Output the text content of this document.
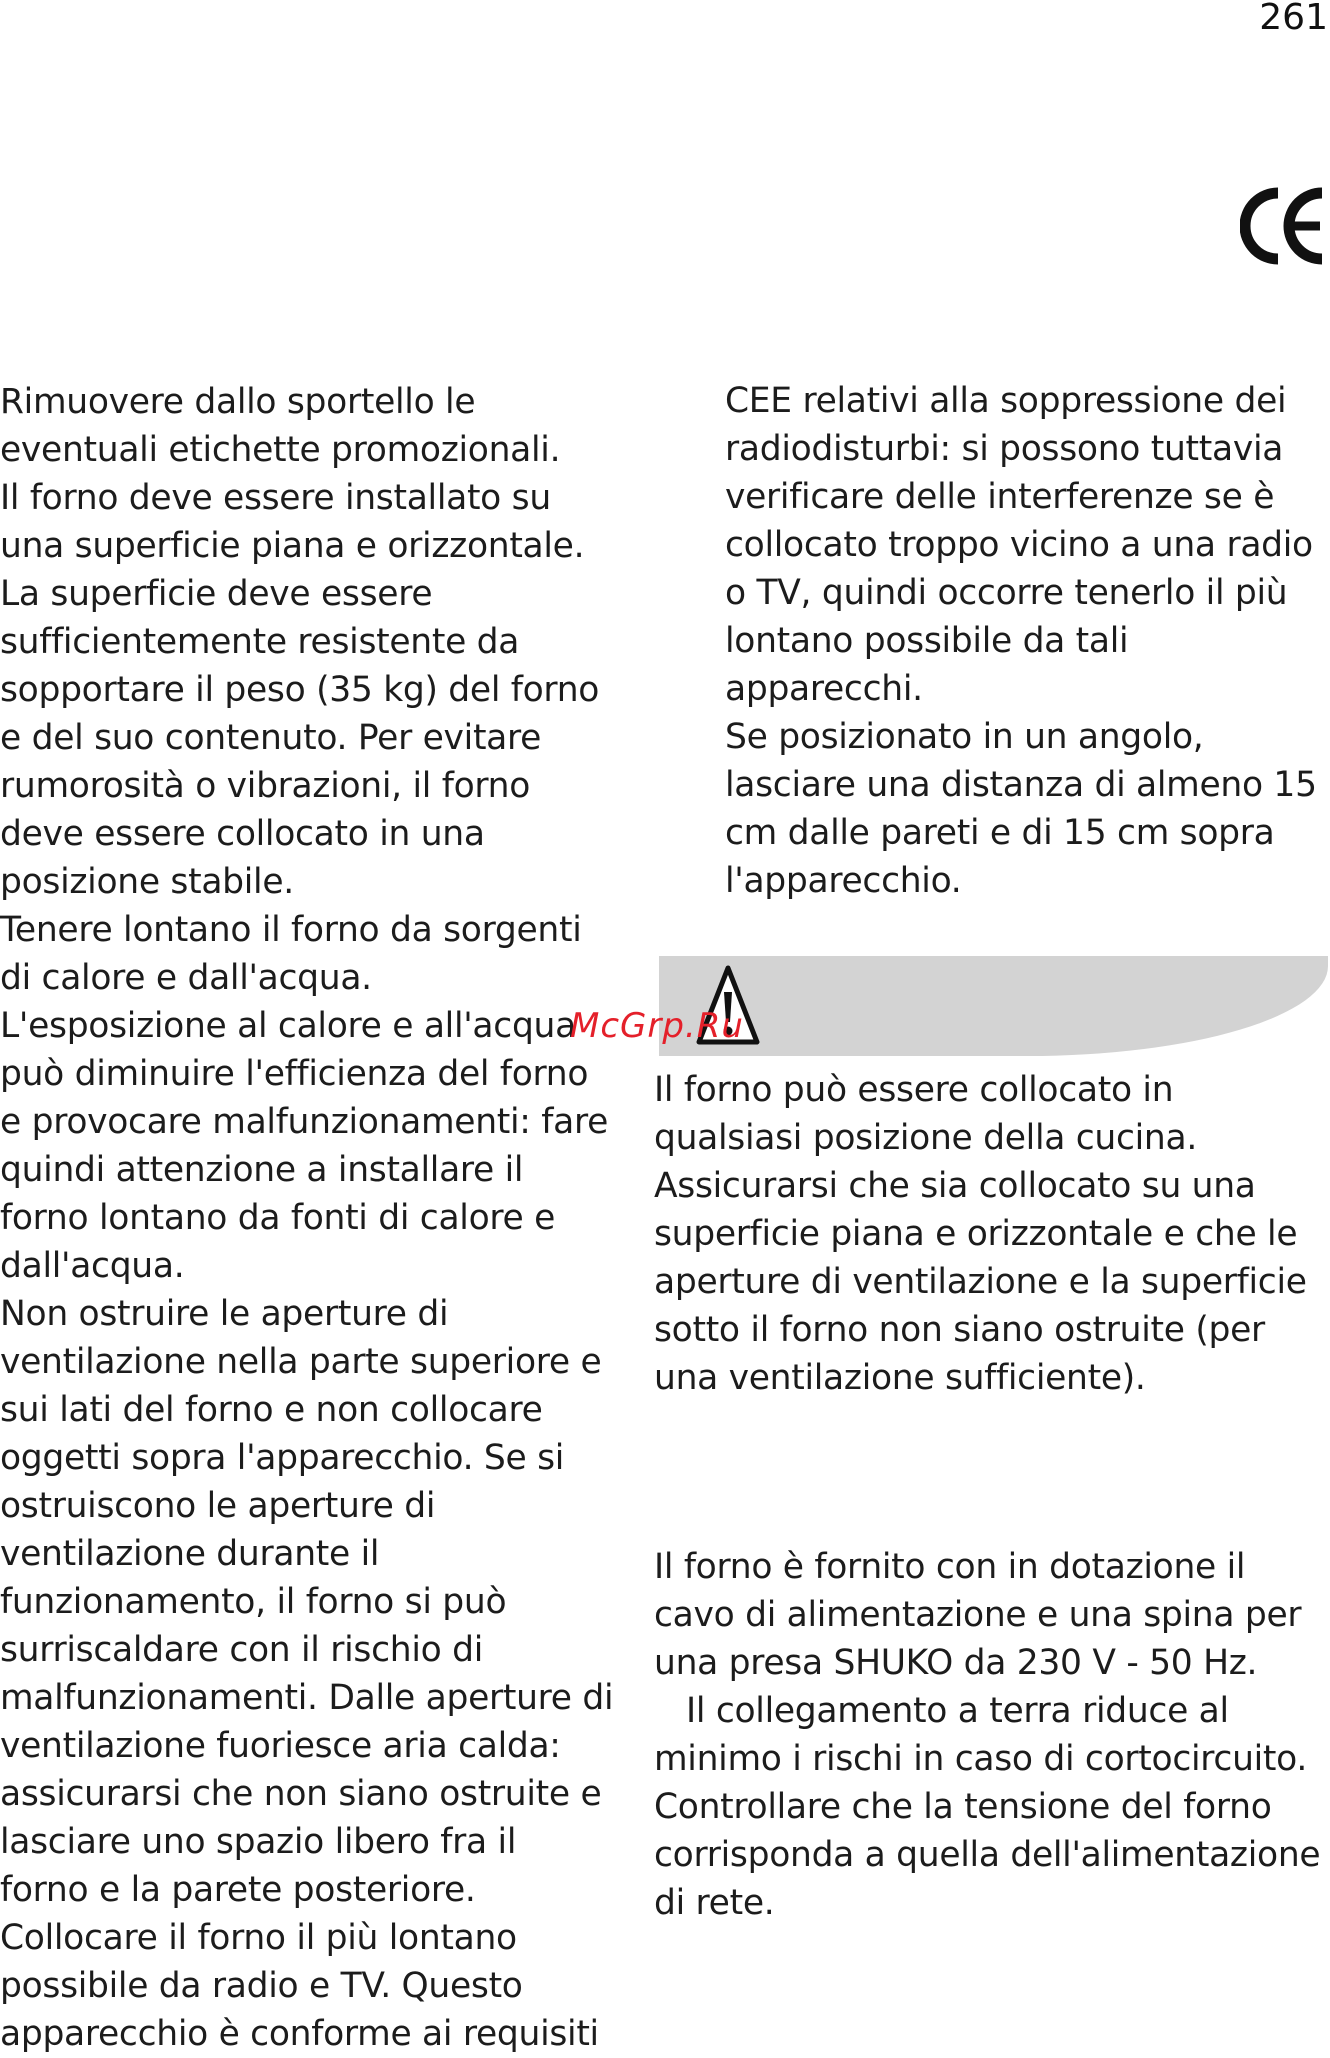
261
Rimuovere dallo sportello le
eventuali etichette promozionali.
Il forno deve essere installato su
una superficie piana e orizzontale.
La superficie deve essere
sufficientemente resistente da
sopportare il peso (35 kg) del forno
e del suo contenuto. Per evitare
rumorosità o vibrazioni, il forno
deve essere collocato in una
posizione stabile.
Tenere lontano il forno da sorgenti
di calore e dall'acqua.
L'esposizione al calore e all'acqua
può diminuire l'efficienza del forno
e provocare malfunzionamenti: fare
quindi attenzione a installare il
forno lontano da fonti di calore e
dall'acqua.
Non ostruire le aperture di
ventilazione nella parte superiore e
sui lati del forno e non collocare
oggetti sopra l'apparecchio. Se si
ostruiscono le aperture di
ventilazione durante il
funzionamento, il forno si può
surriscaldare con il rischio di
malfunzionamenti. Dalle aperture di
ventilazione fuoriesce aria calda:
assicurarsi che non siano ostruite e
lasciare uno spazio libero fra il
forno e la parete posteriore.
Collocare il forno il più lontano
possibile da radio e TV. Questo
apparecchio è conforme ai requisiti
CEE relativi alla soppressione dei
radiodisturbi: si possono tuttavia
verificare delle interferenze se è
collocato troppo vicino a una radio
o TV, quindi occorre tenerlo il più
lontano possibile da tali
apparecchi.
Se posizionato in un angolo,
lasciare una distanza di almeno 15
cm dalle pareti e di 15 cm sopra
l'apparecchio.
McGrp.Ru
Il forno può essere collocato in
qualsiasi posizione della cucina.
Assicurarsi che sia collocato su una
superficie piana e orizzontale e che le
aperture di ventilazione e la superficie
sotto il forno non siano ostruite (per
una ventilazione sufficiente).
Il forno è fornito con in dotazione il
cavo di alimentazione e una spina per
una presa SHUKO da 230 V - 50 Hz.
Il collegamento a terra riduce al
minimo i rischi in caso di cortocircuito.
Controllare che la tensione del forno
corrisponda a quella dell'alimentazione
di rete.
